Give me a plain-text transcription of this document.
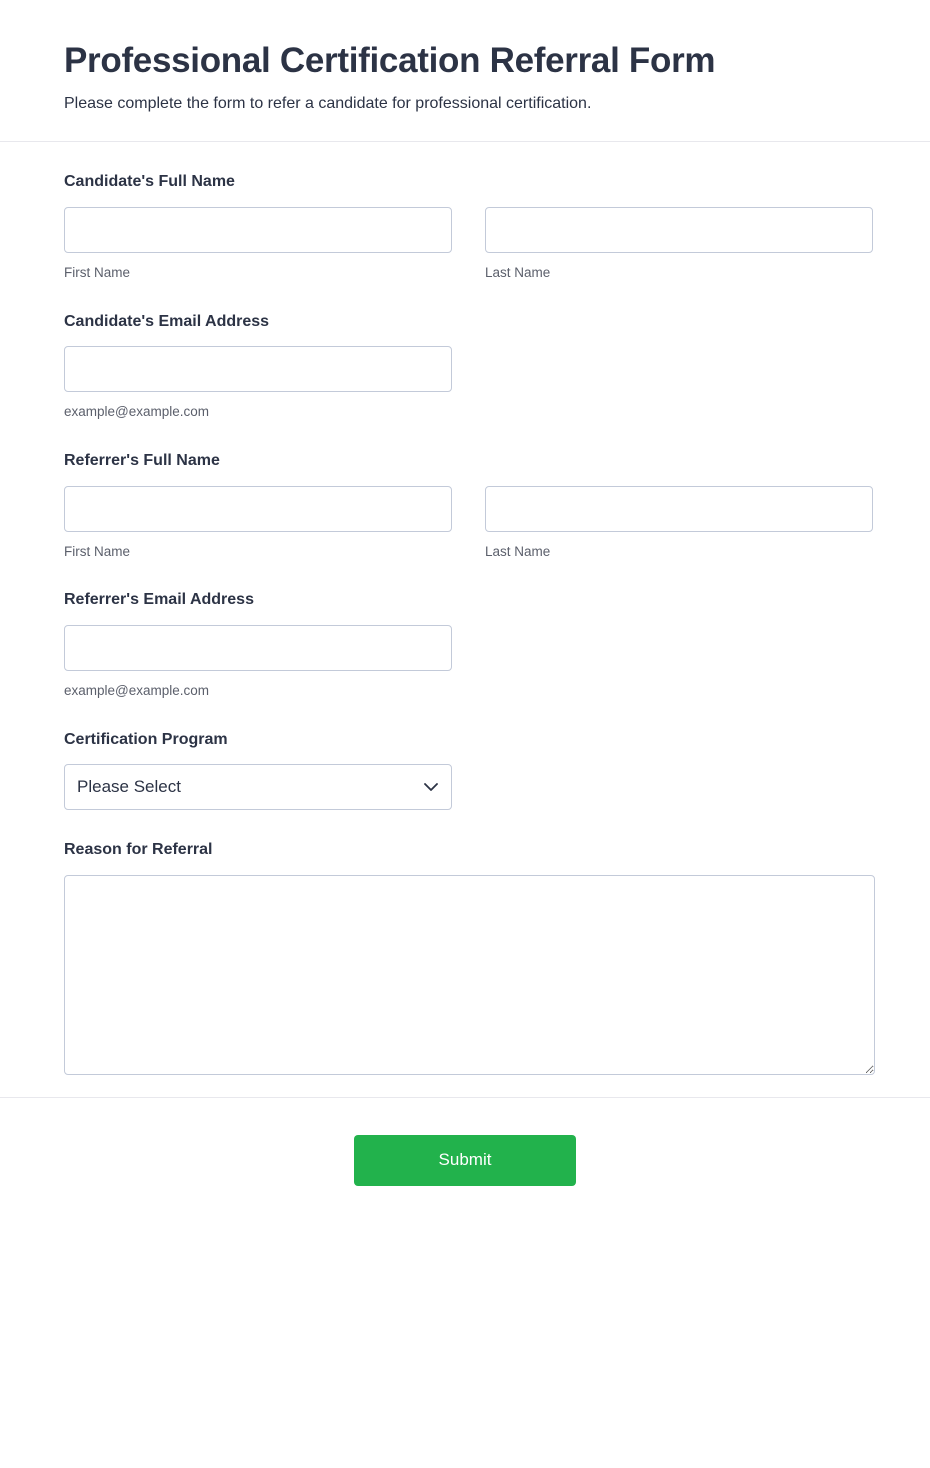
Professional Certification Referral Form

Please complete the form to refer a candidate for professional certification.

Candidate's Full Name
First Name	Last Name
Candidate's Email Address
example@example.com
Referrer's Full Name
First Name	Last Name
Referrer's Email Address
example@example.com
Certification Program
Please Select
Reason for Referral
Submit
